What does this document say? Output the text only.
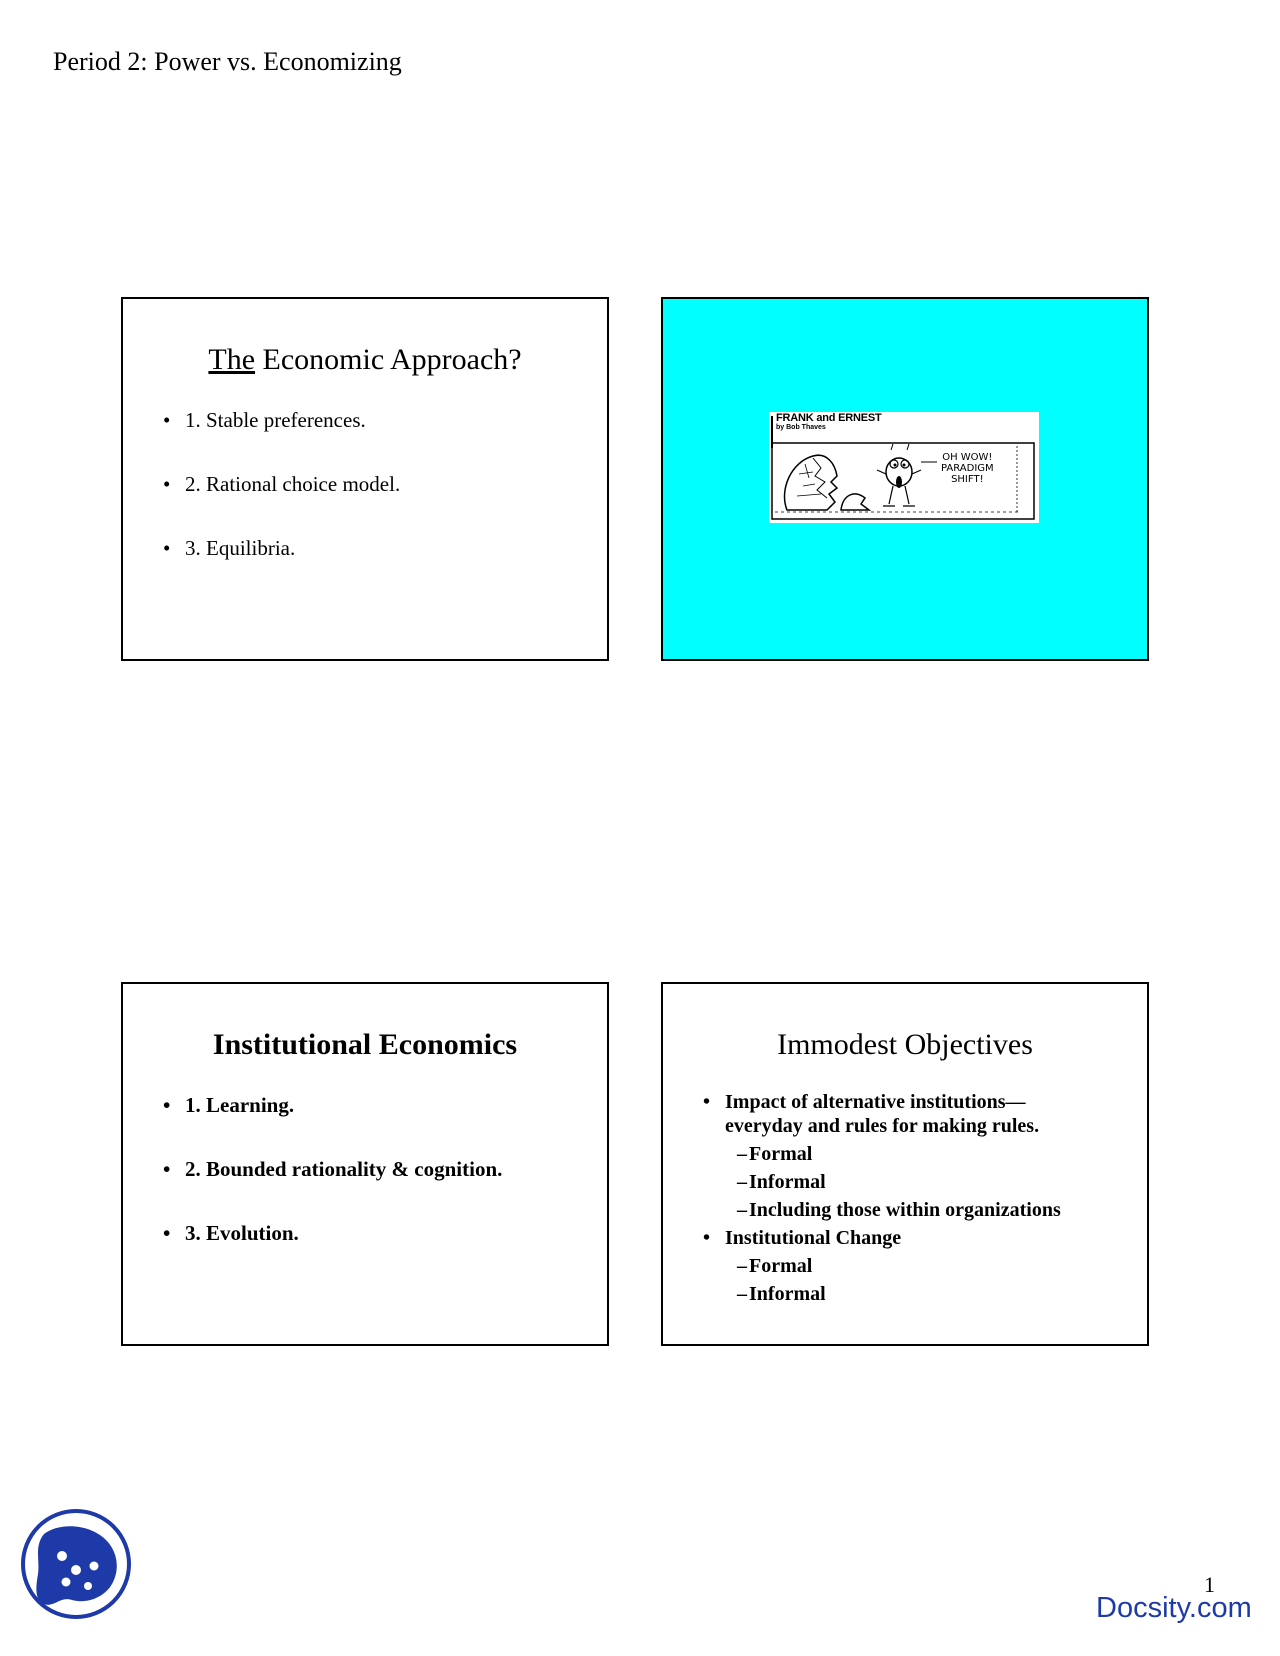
Period 2: Power vs. Economizing
The Economic Approach?
• 1. Stable preferences.
• 2. Rational choice model.
• 3. Equilibria.
FRANK and ERNEST
by Bob Thaves
OH WOW!
PARADIGM
SHIFT!
Institutional Economics
• 1. Learning.
• 2. Bounded rationality & cognition.
• 3. Evolution.
Immodest Objectives
• Impact of alternative institutions—
everyday and rules for making rules.
– Formal
– Informal
– Including those within organizations
• Institutional Change
– Formal
– Informal
1
Docsity.com
